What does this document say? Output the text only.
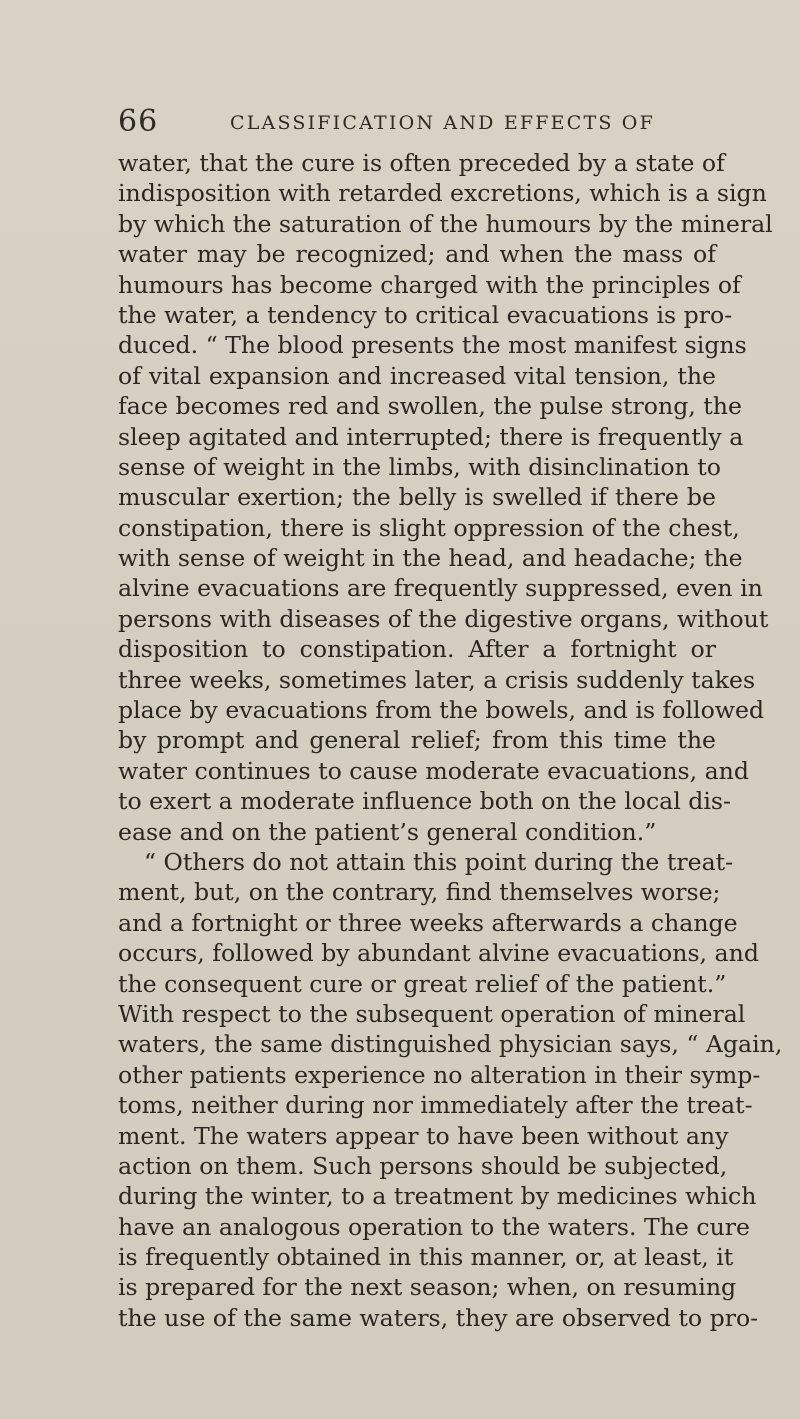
66	CLASSIFICATION AND EFFECTS OF
water, that the cure is often preceded by a state of
indisposition with retarded excretions, which is a sign
by which the saturation of the humours by the mineral
water may be recognized; and when the mass of
humours has become charged with the principles of
the water, a tendency to critical evacuations is pro-
duced. “ The blood presents the most manifest signs
of vital expansion and increased vital tension, the
face becomes red and swollen, the pulse strong, the
sleep agitated and interrupted; there is frequently a
sense of weight in the limbs, with disinclination to
muscular exertion; the belly is swelled if there be
constipation, there is slight oppression of the chest,
with sense of weight in the head, and headache; the
alvine evacuations are frequently suppressed, even in
persons with diseases of the digestive organs, without
disposition to constipation. After a fortnight or
three weeks, sometimes later, a crisis suddenly takes
place by evacuations from the bowels, and is followed
by prompt and general relief; from this time the
water continues to cause moderate evacuations, and
to exert a moderate influence both on the local dis-
ease and on the patient’s general condition.”
“ Others do not attain this point during the treat-
ment, but, on the contrary, find themselves worse;
and a fortnight or three weeks afterwards a change
occurs, followed by abundant alvine evacuations, and
the consequent cure or great relief of the patient.”
With respect to the subsequent operation of mineral
waters, the same distinguished physician says, “ Again,
other patients experience no alteration in their symp-
toms, neither during nor immediately after the treat-
ment. The waters appear to have been without any
action on them. Such persons should be subjected,
during the winter, to a treatment by medicines which
have an analogous operation to the waters. The cure
is frequently obtained in this manner, or, at least, it
is prepared for the next season; when, on resuming
the use of the same waters, they are observed to pro-
